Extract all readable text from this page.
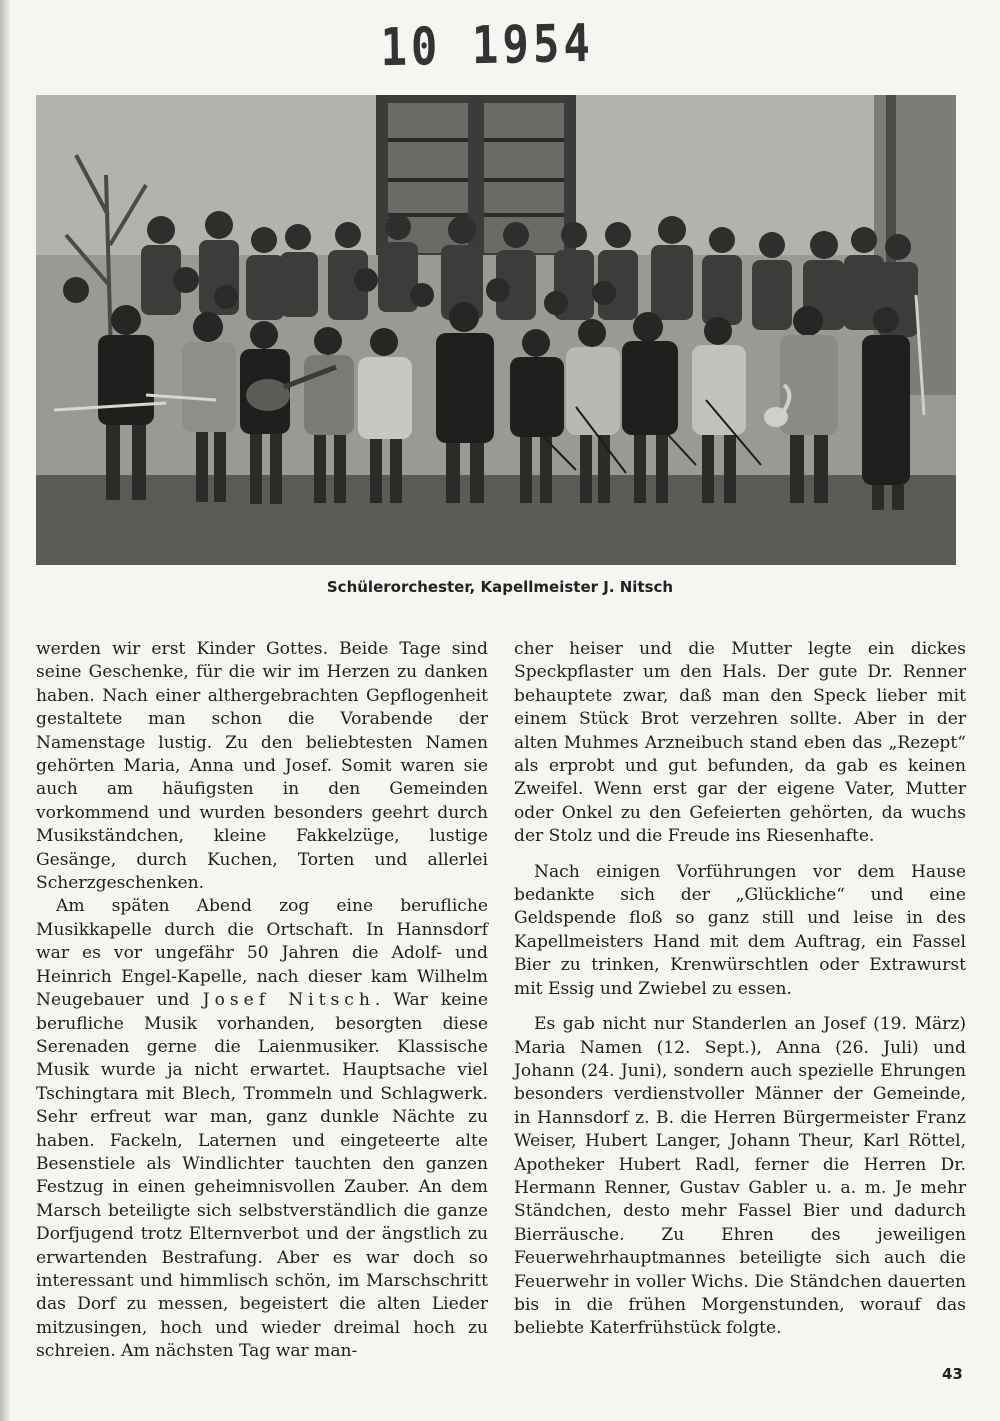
10 1954
Schülerorchester, Kapellmeister J. Nitsch

werden wir erst Kinder Gottes. Beide Tage sind seine Geschenke, für die wir im Herzen zu danken haben. Nach einer althergebrachten Gepflogenheit gestaltete man schon die Vorabende der Namenstage lustig. Zu den beliebtesten Namen gehörten Maria, Anna und Josef. Somit waren sie auch am häufigsten in den Gemeinden vorkommend und wurden besonders geehrt durch Musikständchen, kleine Fakkelzüge, lustige Gesänge, durch Kuchen, Torten und allerlei Scherzgeschenken.

Am späten Abend zog eine berufliche Musikkapelle durch die Ortschaft. In Hannsdorf war es vor ungefähr 50 Jahren die Adolf- und Heinrich Engel-Kapelle, nach dieser kam Wilhelm Neugebauer und Josef Nitsch. War keine berufliche Musik vorhanden, besorgten diese Serenaden gerne die Laienmusiker. Klassische Musik wurde ja nicht erwartet. Hauptsache viel Tschingtara mit Blech, Trommeln und Schlagwerk. Sehr erfreut war man, ganz dunkle Nächte zu haben. Fackeln, Laternen und eingeteerte alte Besenstiele als Windlichter tauchten den ganzen Festzug in einen geheimnisvollen Zauber. An dem Marsch beteiligte sich selbstverständlich die ganze Dorfjugend trotz Elternverbot und der ängstlich zu erwartenden Bestrafung. Aber es war doch so interessant und himmlisch schön, im Marschschritt das Dorf zu messen, begeistert die alten Lieder mitzusingen, hoch und wieder dreimal hoch zu schreien. Am nächsten Tag war man-

cher heiser und die Mutter legte ein dickes Speckpflaster um den Hals. Der gute Dr. Renner behauptete zwar, daß man den Speck lieber mit einem Stück Brot verzehren sollte. Aber in der alten Muhmes Arzneibuch stand eben das „Rezept“ als erprobt und gut befunden, da gab es keinen Zweifel. Wenn erst gar der eigene Vater, Mutter oder Onkel zu den Gefeierten gehörten, da wuchs der Stolz und die Freude ins Riesenhafte.

Nach einigen Vorführungen vor dem Hause bedankte sich der „Glückliche“ und eine Geldspende floß so ganz still und leise in des Kapellmeisters Hand mit dem Auftrag, ein Fassel Bier zu trinken, Krenwürschtlen oder Extrawurst mit Essig und Zwiebel zu essen.

Es gab nicht nur Standerlen an Josef (19. März) Maria Namen (12. Sept.), Anna (26. Juli) und Johann (24. Juni), sondern auch spezielle Ehrungen besonders verdienstvoller Männer der Gemeinde, in Hannsdorf z. B. die Herren Bürgermeister Franz Weiser, Hubert Langer, Johann Theur, Karl Röttel, Apotheker Hubert Radl, ferner die Herren Dr. Hermann Renner, Gustav Gabler u. a. m. Je mehr Ständchen, desto mehr Fassel Bier und dadurch Bierräusche. Zu Ehren des jeweiligen Feuerwehrhauptmannes beteiligte sich auch die Feuerwehr in voller Wichs. Die Ständchen dauerten bis in die frühen Morgenstunden, worauf das beliebte Katerfrühstück folgte.

43
